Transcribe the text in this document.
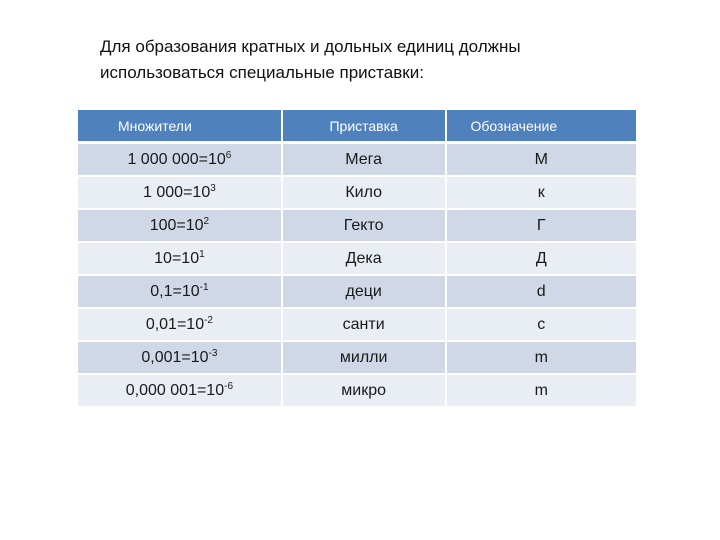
Для образования кратных и дольных единиц должны
использоваться специальные приставки:
Множители	Приставка	Обозначение
1 000 $000=10^6$	Мега	М
1 $000=10^3$	Кило	к
$100=10^2$	Гекто	Г
$10=10^1$	Дека	Д
$0,1=10^{-1}$	деци	d
$0,01=10^{-2}$	санти	c
$0,001=10^{-3}$	милли	m
0,000 $001=10^{-6}$	микро	m
